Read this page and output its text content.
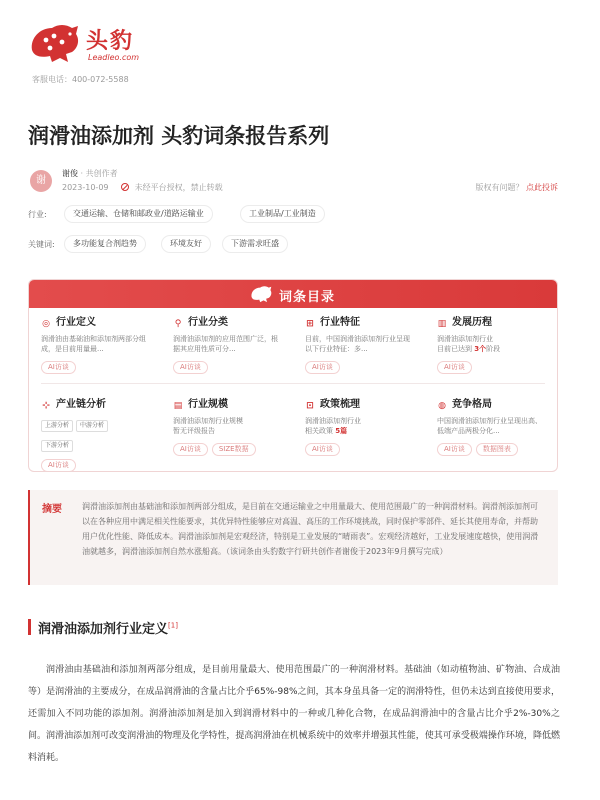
头豹
Leadleo.com
客服电话：400-072-5588
润滑油添加剂 头豹词条报告系列
谢
谢俊 · 共创作者
2023-10-09	未经平台授权，禁止转载	版权有问题？ 点此投诉
行业:	交通运输、仓储和邮政业/道路运输业	工业制品/工业制造
关键词:	多功能复合剂趋势	环境友好	下游需求旺盛
词条目录
◎ 行业定义
润滑油由基础油和添加剂两部分组成，是目前用量最...
AI访谈
⚲ 行业分类
润滑油添加剂的应用范围广泛，根据其应用性质可分...
AI访谈
⊞ 行业特征
目前，中国润滑油添加剂行业呈现以下行业特征：多...
AI访谈
▥ 发展历程
润滑油添加剂行业
目前已达到 3个阶段
AI访谈
⊹ 产业链分析
上游分析 中游分析下游分析
AI访谈
▤ 行业规模
润滑油添加剂行业规模
暂无评级报告
AI访谈	SIZE数据
⊡ 政策梳理
润滑油添加剂行业
相关政策 5篇
AI访谈
◍ 竞争格局
中国润滑油添加剂行业呈现出高、低端产品两极分化...
AI访谈	数据图表
摘要	润滑油添加剂由基础油和添加剂两部分组成，是目前在交通运输业之中用量最大、使用范围最广的一种润滑材料。润滑剂添加剂可以在各种应用中满足相关性能要求，其优异特性能够应对高温、高压的工作环境挑战，同时保护零部件、延长其使用寿命，并帮助用户优化性能、降低成本。润滑油添加剂是宏观经济，特别是工业发展的“晴雨表”。宏观经济越好，工业发展速度越快，使用润滑油就越多，润滑油添加剂自然水涨船高。（该词条由头豹数字行研共创作者谢俊于2023年9月撰写完成）
润滑油添加剂行业定义[1]
润滑油由基础油和添加剂两部分组成，是目前用量最大、使用范围最广的一种润滑材料。基础油（如动植物油、矿物油、合成油等）是润滑油的主要成分，在成品润滑油的含量占比介乎65%-98%之间，其本身虽具备一定的润滑特性，但仍未达到直接使用要求，还需加入不同功能的添加剂。润滑油添加剂是加入到润滑材料中的一种或几种化合物，在成品润滑油中的含量占比介乎2%-30%之间。润滑油添加剂可改变润滑油的物理及化学特性，提高润滑油在机械系统中的效率并增强其性能，使其可承受极端操作环境，降低燃料消耗。
